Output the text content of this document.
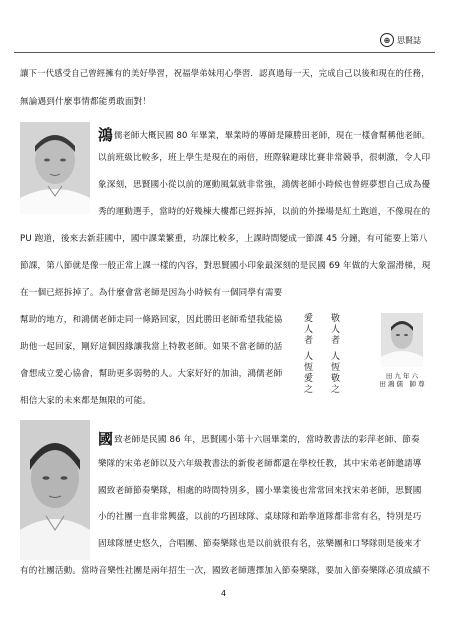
⊕ 思賢誌
讓下一代感受自己曾經擁有的美好學習，祝福學弟妹用心學習．認真過每一天，完成自己以後和現在的任務，
無論遇到什麼事情都能勇敢面對！
鴻儒老師大概民國 80 年畢業，畢業時的導師是陳勝田老師，現在一樣會幫稱他老師。
以前班級比較多，班上學生是現在的兩倍，班際躲避球比賽非常競爭，很刺激，令人印
象深刻，思賢國小從以前的運動風氣就非常強，鴻儒老師小時候也曾經夢想自己成為優
秀的運動選手，當時的好幾棟大樓都已經拆掉，以前的外操場是紅土跑道，不像現在的
PU 跑道，後來去新莊國中，國中課業繁重，功課比較多，上課時間變成一節課 45 分鐘，有可能要上第八
節課，第八節就是像一般正常上課一樣的內容，對思賢國小印象最深刻的是民國 69 年做的大象溜滑梯，現
在一個已經拆掉了。為什麼會當老師是因為小時候有一個同學有需要
幫助的地方，和鴻儒老師走同一條路回家，因此勝田老師希望我能協
助他一起回家，剛好這個因緣讓我當上特教老師。如果不當老師的話
會想成立愛心協會，幫助更多弱勢的人。大家好好的加油，鴻儒老師
相信大家的未來都是無限的可能。
敬人者 人恆敬之
愛人者 人恆愛之	田 九 年 六
田 鴻 儒　師 尊
國致老師是民國 86 年，思賢國小第十六屆畢業的，當時教書法的彩萍老師、節奏
樂隊的宋弟老師以及六年級教書法的新俊老師都還在學校任教，其中宋弟老師邀請導
國致老師節奏樂隊，相處的時間特別多，國小畢業後也常常回來找宋弟老師，思賢國
小的社團一直非常興盛，以前的巧固球隊、桌球隊和跆拳道隊都非常有名，特別是巧
固球隊歷史悠久，合唱團、節奏樂隊也是以前就很有名，弦樂團和口琴隊則是後來才
有的社團活動。當時音樂性社團是兩年招生一次，國致老師選擇加入節奏樂隊，要加入節奏樂隊必須成績不
4
